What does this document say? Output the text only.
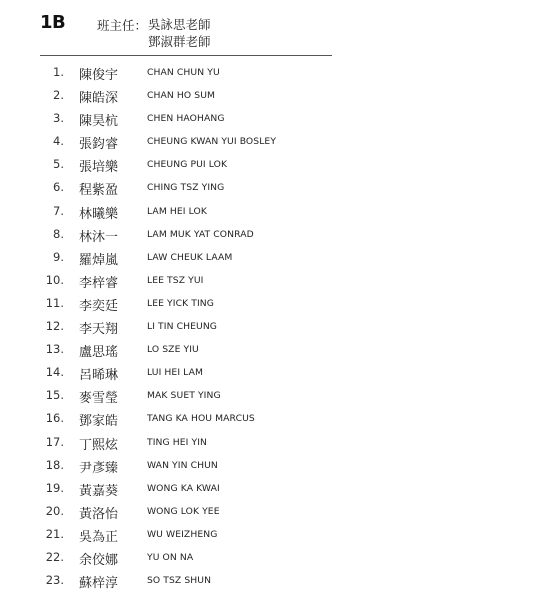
1B	班主任： 吳詠思老師
鄧淑群老師
1. 陳俊宇	CHAN CHUN YU
2. 陳皓深	CHAN HO SUM
3. 陳昊杭	CHEN HAOHANG
4. 張鈞睿	CHEUNG KWAN YUI BOSLEY
5. 張培樂	CHEUNG PUI LOK
6. 程紫盈	CHING TSZ YING
7. 林曦樂	LAM HEI LOK
8. 林沐一	LAM MUK YAT CONRAD
9. 羅焯嵐	LAW CHEUK LAAM
10. 李梓睿	LEE TSZ YUI
11. 李奕廷	LEE YICK TING
12. 李天翔	LI TIN CHEUNG
13. 盧思瑤	LO SZE YIU
14. 呂晞琳	LUI HEI LAM
15. 麥雪瑩	MAK SUET YING
16. 鄧家皓	TANG KA HOU MARCUS
17. 丁熙炫	TING HEI YIN
18. 尹彥臻	WAN YIN CHUN
19. 黃嘉葵	WONG KA KWAI
20. 黃洛怡	WONG LOK YEE
21. 吳為正	WU WEIZHENG
22. 余佼娜	YU ON NA
23. 蘇梓淳	SO TSZ SHUN
